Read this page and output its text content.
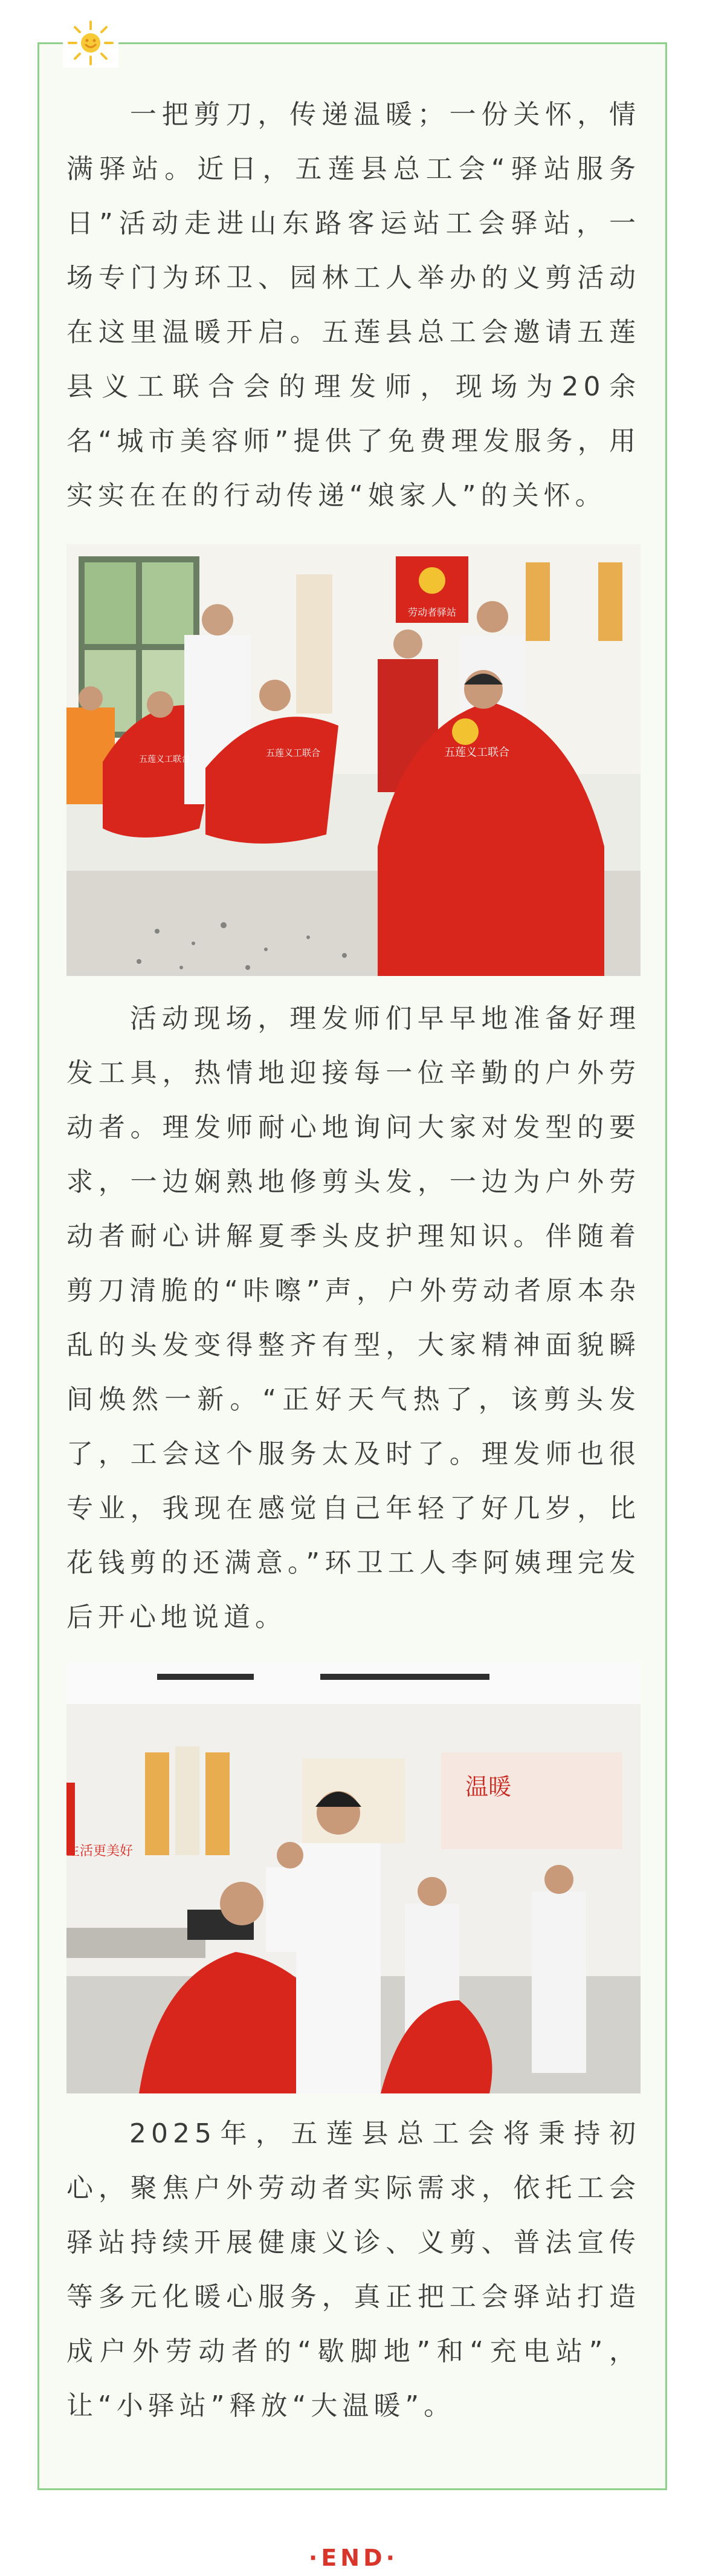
一把剪刀，传递温暖；一份关怀，情满驿站。近日，五莲县总工会“驿站服务日”活动走进山东路客运站工会驿站，一场专门为环卫、园林工人举办的义剪活动在这里温暖开启。五莲县总工会邀请五莲县义工联合会的理发师，现场为20余名“城市美容师”提供了免费理发服务，用实实在在的行动传递“娘家人”的关怀。

劳动者驿站
五莲义工联合
五莲义工联合
五莲义工联合

活动现场，理发师们早早地准备好理发工具，热情地迎接每一位辛勤的户外劳动者。理发师耐心地询问大家对发型的要求，一边娴熟地修剪头发，一边为户外劳动者耐心讲解夏季头皮护理知识。伴随着剪刀清脆的“咔嚓”声，户外劳动者原本杂乱的头发变得整齐有型，大家精神面貌瞬间焕然一新。“正好天气热了，该剪头发了，工会这个服务太及时了。理发师也很专业，我现在感觉自己年轻了好几岁，比花钱剪的还满意。”环卫工人李阿姨理完发后开心地说道。

生活更美好
温暖

2025年，五莲县总工会将秉持初心，聚焦户外劳动者实际需求，依托工会驿站持续开展健康义诊、义剪、普法宣传等多元化暖心服务，真正把工会驿站打造成户外劳动者的“歇脚地”和“充电站”，让“小驿站”释放“大温暖”。

·END·
